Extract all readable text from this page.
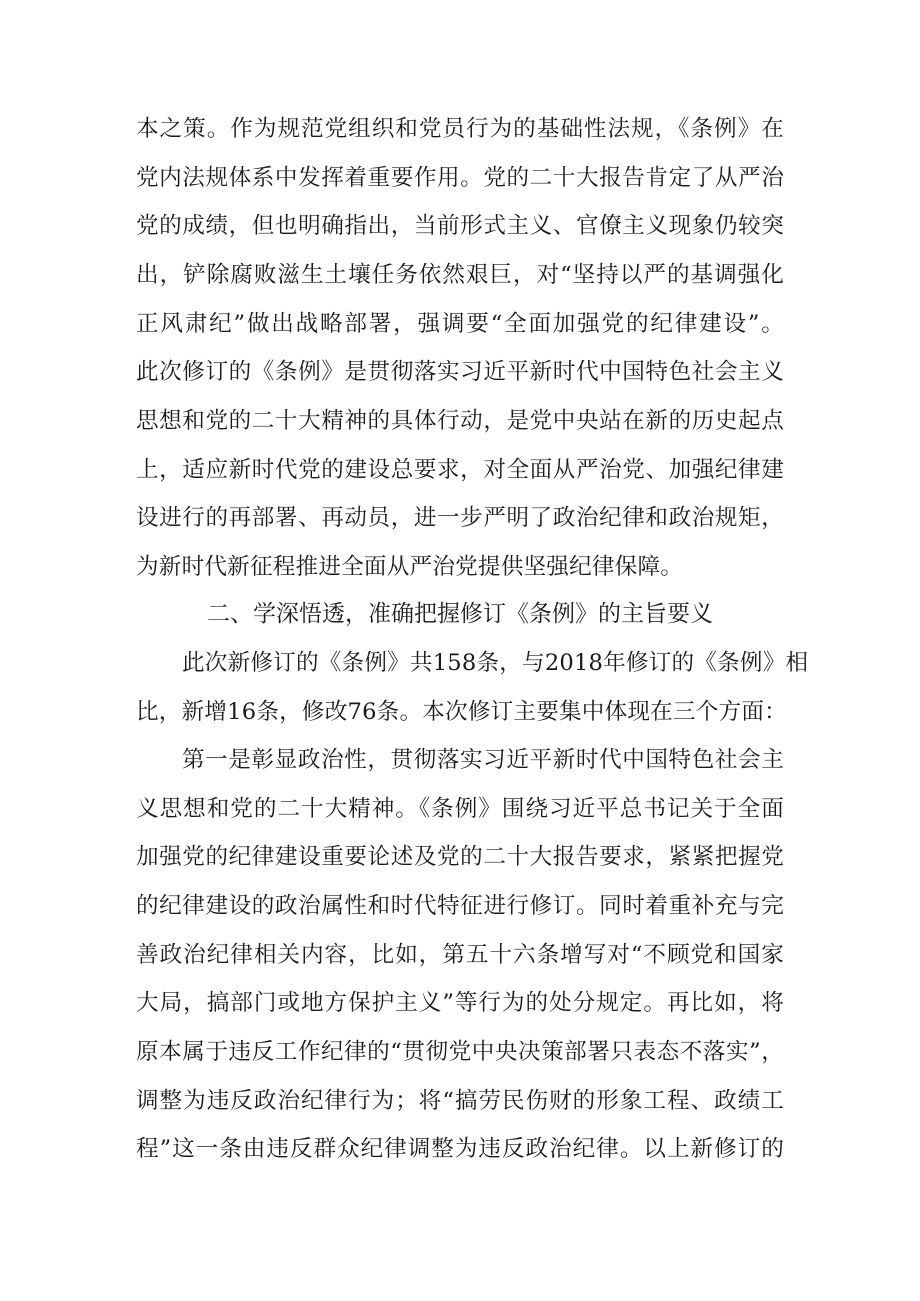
本之策。作为规范党组织和党员行为的基础性法规，《条例》在
党内法规体系中发挥着重要作用。党的二十大报告肯定了从严治
党的成绩，但也明确指出，当前形式主义、官僚主义现象仍较突
出，铲除腐败滋生土壤任务依然艰巨，对“坚持以严的基调强化
正风肃纪”做出战略部署，强调要“全面加强党的纪律建设”。
此次修订的《条例》是贯彻落实习近平新时代中国特色社会主义
思想和党的二十大精神的具体行动，是党中央站在新的历史起点
上，适应新时代党的建设总要求，对全面从严治党、加强纪律建
设进行的再部署、再动员，进一步严明了政治纪律和政治规矩，
为新时代新征程推进全面从严治党提供坚强纪律保障。
二、学深悟透，准确把握修订《条例》的主旨要义
此次新修订的《条例》共158条，与2018年修订的《条例》相
比，新增16条，修改76条。本次修订主要集中体现在三个方面：
第一是彰显政治性，贯彻落实习近平新时代中国特色社会主
义思想和党的二十大精神。《条例》围绕习近平总书记关于全面
加强党的纪律建设重要论述及党的二十大报告要求，紧紧把握党
的纪律建设的政治属性和时代特征进行修订。同时着重补充与完
善政治纪律相关内容，比如，第五十六条增写对“不顾党和国家
大局，搞部门或地方保护主义”等行为的处分规定。再比如，将
原本属于违反工作纪律的“贯彻党中央决策部署只表态不落实”，
调整为违反政治纪律行为；将“搞劳民伤财的形象工程、政绩工
程”这一条由违反群众纪律调整为违反政治纪律。以上新修订的
